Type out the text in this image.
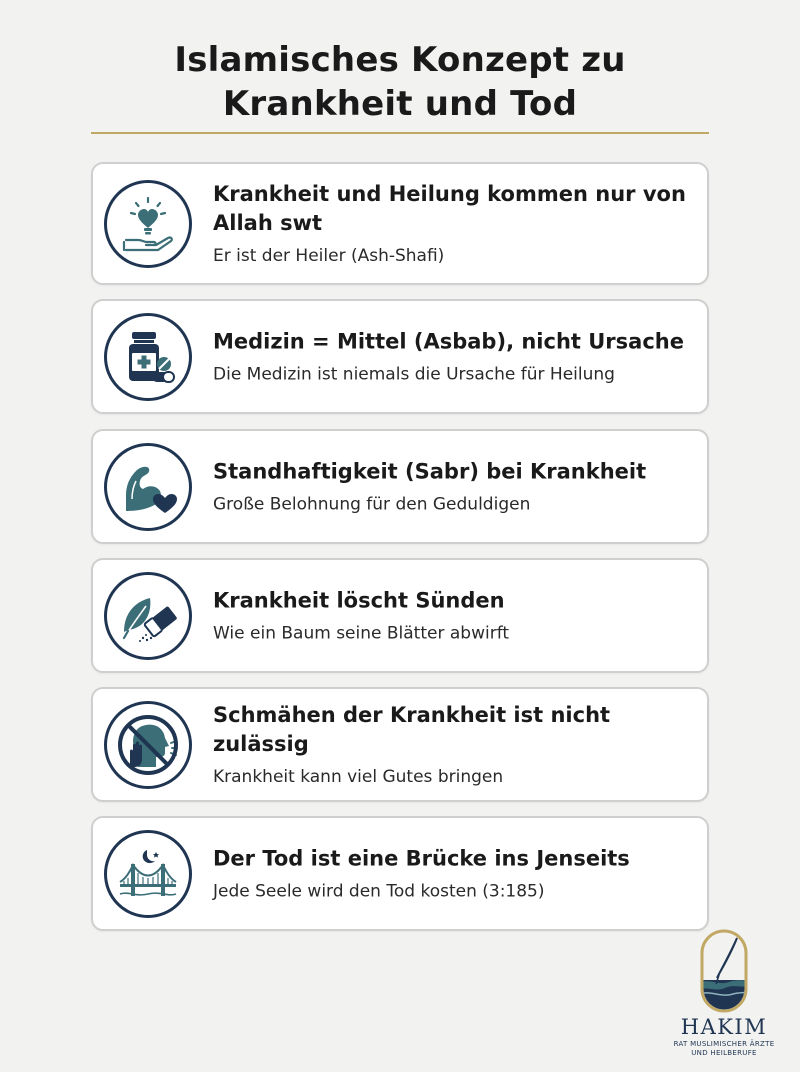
Islamisches Konzept zu
Krankheit und Tod
Krankheit und Heilung kommen nur von Allah swt
Er ist der Heiler (Ash-Shafi)
Medizin = Mittel (Asbab), nicht Ursache
Die Medizin ist niemals die Ursache für Heilung
Standhaftigkeit (Sabr) bei Krankheit
Große Belohnung für den Geduldigen
Krankheit löscht Sünden
Wie ein Baum seine Blätter abwirft
Schmähen der Krankheit ist nicht zulässig
Krankheit kann viel Gutes bringen
Der Tod ist eine Brücke ins Jenseits
Jede Seele wird den Tod kosten (3:185)
HAKIM
RAT MUSLIMISCHER ÄRZTE
UND HEILBERUFE
